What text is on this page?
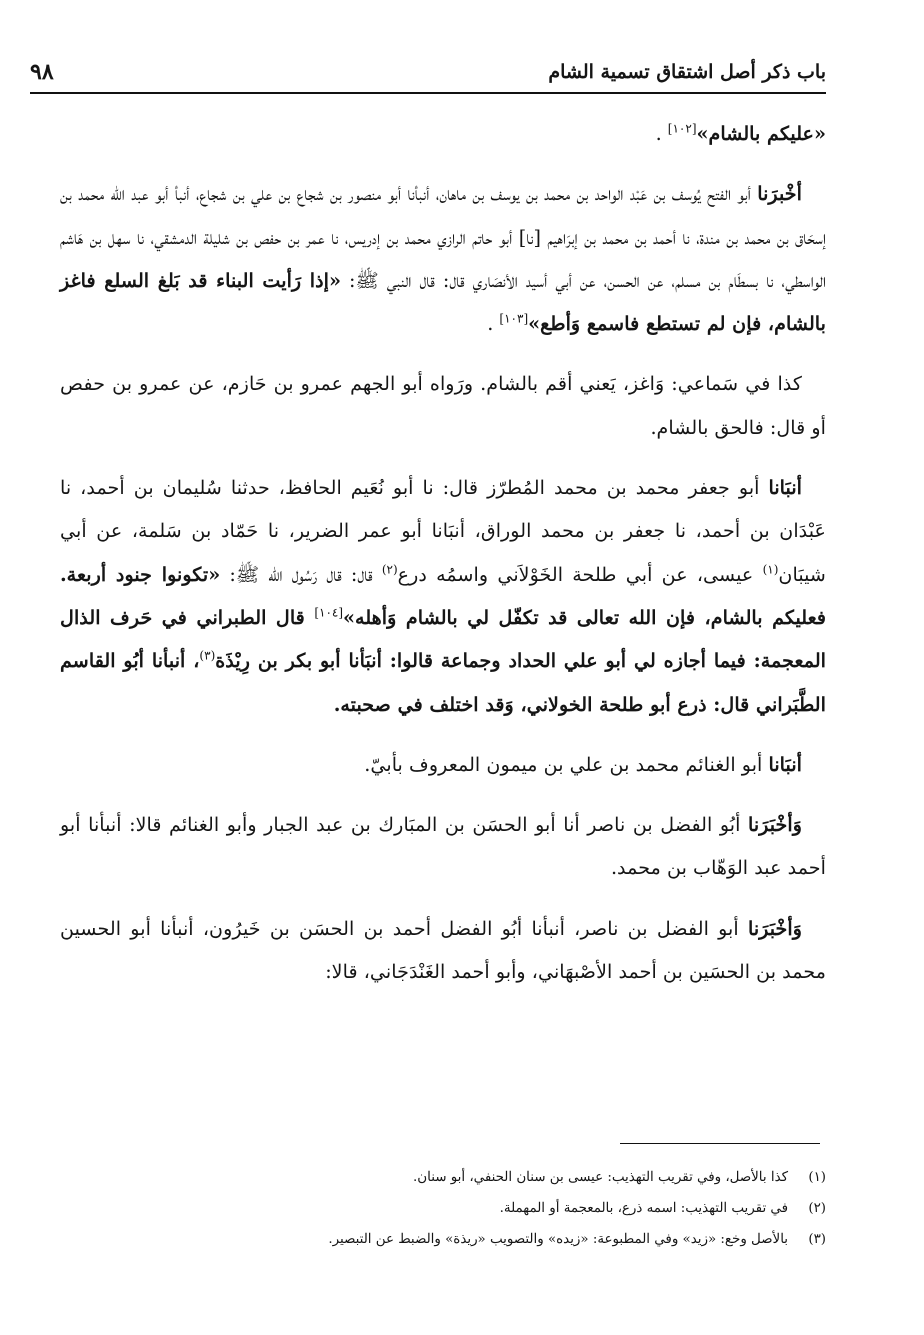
باب ذكر أصل اشتقاق تسمية الشام
٩٨

«عليكم بالشام»[١٠٢] .

أخْبرَنا أبو الفتح يُوسف بن عَبْد الواحد بن محمد بن يوسف بن ماهان، أنبأنا أبو منصور بن شجاع بن علي بن شجاع، أنبأ أبو عبد الله محمد بن إسحَاق بن محمد بن مندة، نا أحمد بن محمد بن إبرَاهيم [نا] أبو حاتم الرازي محمد بن إدريس، نا عمر بن حفص بن شليلة الدمشقي، نا سهل بن هَاشم الواسطي، نا بسطَام بن مسلم، عن الحسن، عن أبي أسيد الأنصَاري قال: قال النبي ﷺ: «إذا رَأيت البناء قد بَلغ السلع فاغز بالشام، فإن لم تستطع فاسمع وَأطع»[١٠٣] .

كذا في سَماعي: وَاغز، يَعني أقم بالشام. ورَواه أبو الجهم عمرو بن حَازم، عن عمرو بن حفص أو قال: فالحق بالشام.

أنبَانا أبو جعفر محمد بن محمد المُطرّز قال: نا أبو نُعَيم الحافظ، حدثنا سُليمان بن أحمد، نا عَبْدَان بن أحمد، نا جعفر بن محمد الوراق، أنبَانا أبو عمر الضرير، نا حَمّاد بن سَلمة، عن أبي شيبَان$^{(١)}$ عيسى، عن أبي طلحة الخَوْلاَني واسمُه درع$^{(٢)}$ قال: قال رَسُول الله ﷺ: «تكونوا جنود أربعة. فعليكم بالشام، فإن الله تعالى قد تكفّل لي بالشام وَأهله»[١٠٤] قال الطبراني في حَرف الذال المعجمة: فيما أجازه لي أبو علي الحداد وجماعة قالوا: أنبَأنا أبو بكر بن رِيْذَة$^{(٣)}$، أنبأنا أبُو القاسم الطَّبَراني قال: ذرع أبو طلحة الخولاني، وَقد اختلف في صحبته.

أنبَانا أبو الغنائم محمد بن علي بن ميمون المعروف بأبيّ.

وَأخْبَرَنا أبُو الفضل بن ناصر أنا أبو الحسَن بن المبَارك بن عبد الجبار وأبو الغنائم قالا: أنبأنا أبو أحمد عبد الوَهّاب بن محمد.

وَأخْبَرَنا أبو الفضل بن ناصر، أنبأنا أبُو الفضل أحمد بن الحسَن بن خَيرُون، أنبأنا أبو الحسين محمد بن الحسَين بن أحمد الأصْبهَاني، وأبو أحمد الغَنْدَجَاني، قالا:

(١)
كذا بالأصل، وفي تقريب التهذيب: عيسى بن سنان الحنفي، أبو سنان.
(٢)
في تقريب التهذيب: اسمه ذرع، بالمعجمة أو المهملة.
(٣)
بالأصل وخع: «زيد» وفي المطبوعة: «زيده» والتصويب «ريذة» والضبط عن التبصير.
